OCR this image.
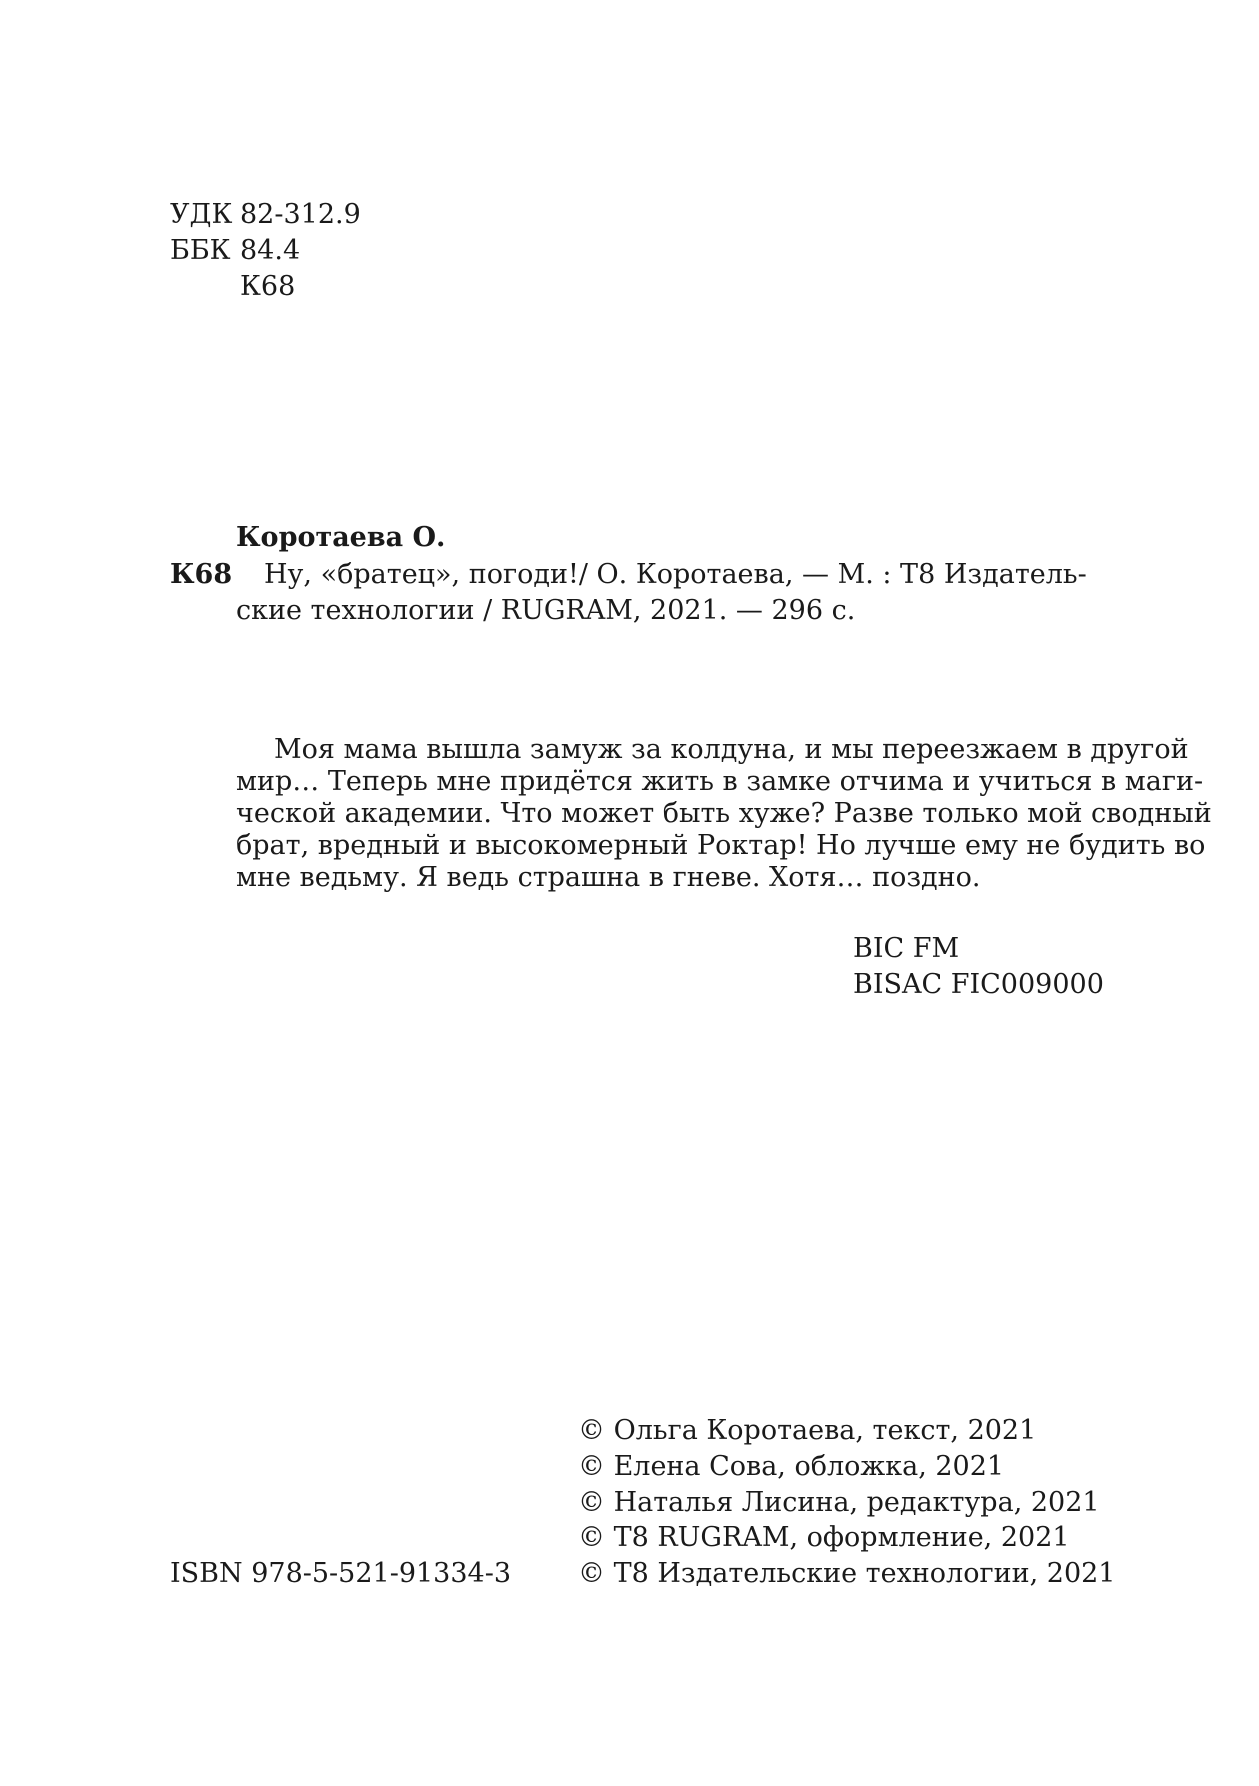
УДК 82-312.9
ББК 84.4
К68
Коротаева О.
К68 Ну, «братец», погоди!/ О. Коротаева, — М. : Т8 Издатель-
ские технологии / RUGRAM, 2021. — 296 с.
Моя мама вышла замуж за колдуна, и мы переезжаем в другой
мир… Теперь мне придётся жить в замке отчима и учиться в маги-
ческой академии. Что может быть хуже? Разве только мой сводный
брат, вредный и высокомерный Роктар! Но лучше ему не будить во
мне ведьму. Я ведь страшна в гневе. Хотя… поздно.
BIC FM
BISAC FIC009000
ISBN 978-5-521-91334-3
© Ольга Коротаева, текст, 2021
© Елена Сова, обложка, 2021
© Наталья Лисина, редактура, 2021
© Т8 RUGRAM, оформление, 2021
© Т8 Издательские технологии, 2021
